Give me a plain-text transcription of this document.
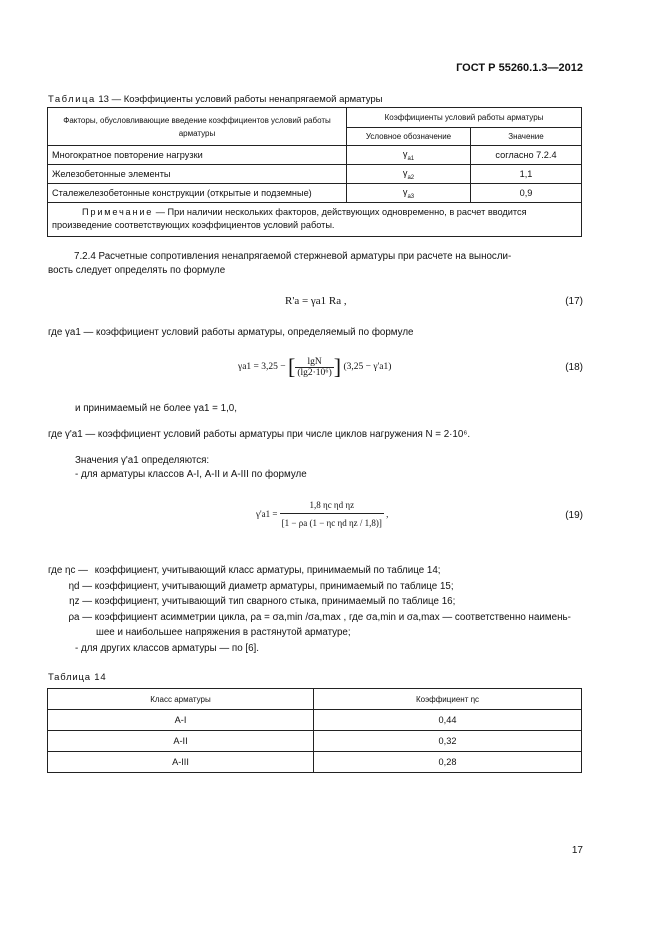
ГОСТ Р 55260.1.3—2012
Таблица 13 — Коэффициенты условий работы ненапрягаемой арматуры
Факторы, обусловливающие введение коэффициентов условий работы арматуры	Коэффициенты условий работы арматуры	
	Условное обозначение	Значение
Многократное повторение нагрузки	$\gamma_{a1}$	согласно 7.2.4
Железобетонные элементы	$\gamma_{a2}$	1,1
Сталежелезобетонные конструкции (открытые и подземные)	$\gamma_{a3}$	0,9
Примечание — При наличии нескольких факторов, действующих одновременно, в расчет вводится произведение соответствующих коэффициентов условий работы.		
7.2.4 Расчетные сопротивления ненапрягаемой стержневой арматуры при расчете на выносли-
вость следует определять по формуле
R'a = γa1 Ra ,	(17)
где γa1 — коэффициент условий работы арматуры, определяемый по формуле
γa1 = 3,25 − [ $\frac{\lg N}{\text{(lg2·10⁶)}}$ ] (3,25 − γ'a1)	(18)
и принимаемый не более γa1 = 1,0,
где γ'a1 — коэффициент условий работы арматуры при числе циклов нагружения N = 2·10⁶.
Значения γ'a1 определяются:
- для арматуры классов А-I, А-II и А-III по формуле
$\gamma'a1 = \frac{\text{1,8 ηc ηd ηz}}{\text{[1 − ρa (1 − ηc ηd ηz / 1,8)]}}$ ,	(19)
где ηc — коэффициент, учитывающий класс арматуры, принимаемый по таблице 14;
ηd — коэффициент, учитывающий диаметр арматуры, принимаемый по таблице 15;
ηz — коэффициент, учитывающий тип сварного стыка, принимаемый по таблице 16;
ρa — коэффициент асимметрии цикла, ρa = σa,min /σa,max , где σa,min и σa,max — соответственно наимень-
шее и наибольшее напряжения в растянутой арматуре;
- для других классов арматуры — по [6].
Таблица 14
Класс арматуры	Коэффициент ηc
A-I	0,44
A-II	0,32
A-III	0,28
17
